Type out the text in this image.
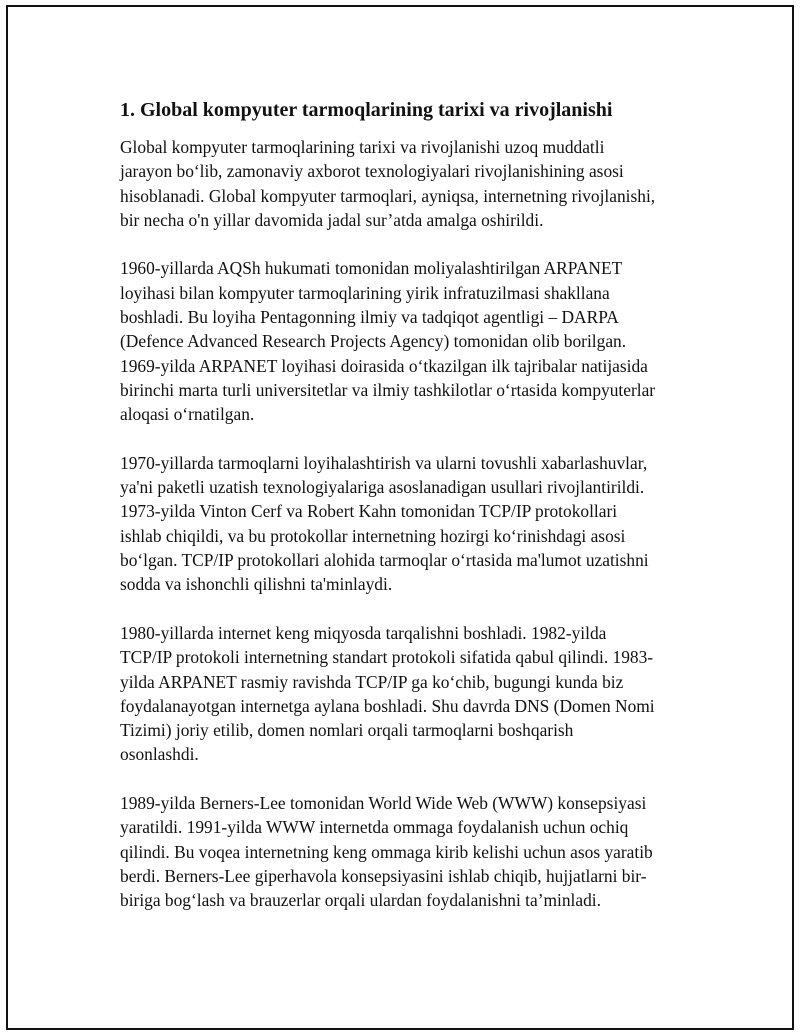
1. Global kompyuter tarmoqlarining tarixi va rivojlanishi

Global kompyuter tarmoqlarining tarixi va rivojlanishi uzoq muddatli
jarayon bo‘lib, zamonaviy axborot texnologiyalari rivojlanishining asosi
hisoblanadi. Global kompyuter tarmoqlari, ayniqsa, internetning rivojlanishi,
bir necha o'n yillar davomida jadal sur’atda amalga oshirildi.

1960-yillarda AQSh hukumati tomonidan moliyalashtirilgan ARPANET
loyihasi bilan kompyuter tarmoqlarining yirik infratuzilmasi shakllana
boshladi. Bu loyiha Pentagonning ilmiy va tadqiqot agentligi – DARPA
(Defence Advanced Research Projects Agency) tomonidan olib borilgan.
1969-yilda ARPANET loyihasi doirasida o‘tkazilgan ilk tajribalar natijasida
birinchi marta turli universitetlar va ilmiy tashkilotlar o‘rtasida kompyuterlar
aloqasi o‘rnatilgan.

1970-yillarda tarmoqlarni loyihalashtirish va ularni tovushli xabarlashuvlar,
ya'ni paketli uzatish texnologiyalariga asoslanadigan usullari rivojlantirildi.
1973-yilda Vinton Cerf va Robert Kahn tomonidan TCP/IP protokollari
ishlab chiqildi, va bu protokollar internetning hozirgi ko‘rinishdagi asosi
bo‘lgan. TCP/IP protokollari alohida tarmoqlar o‘rtasida ma'lumot uzatishni
sodda va ishonchli qilishni ta'minlaydi.

1980-yillarda internet keng miqyosda tarqalishni boshladi. 1982-yilda
TCP/IP protokoli internetning standart protokoli sifatida qabul qilindi. 1983-
yilda ARPANET rasmiy ravishda TCP/IP ga ko‘chib, bugungi kunda biz
foydalanayotgan internetga aylana boshladi. Shu davrda DNS (Domen Nomi
Tizimi) joriy etilib, domen nomlari orqali tarmoqlarni boshqarish
osonlashdi.

1989-yilda Berners-Lee tomonidan World Wide Web (WWW) konsepsiyasi
yaratildi. 1991-yilda WWW internetda ommaga foydalanish uchun ochiq
qilindi. Bu voqea internetning keng ommaga kirib kelishi uchun asos yaratib
berdi. Berners-Lee giperhavola konsepsiyasini ishlab chiqib, hujjatlarni bir-
biriga bog‘lash va brauzerlar orqali ulardan foydalanishni ta’minladi.
